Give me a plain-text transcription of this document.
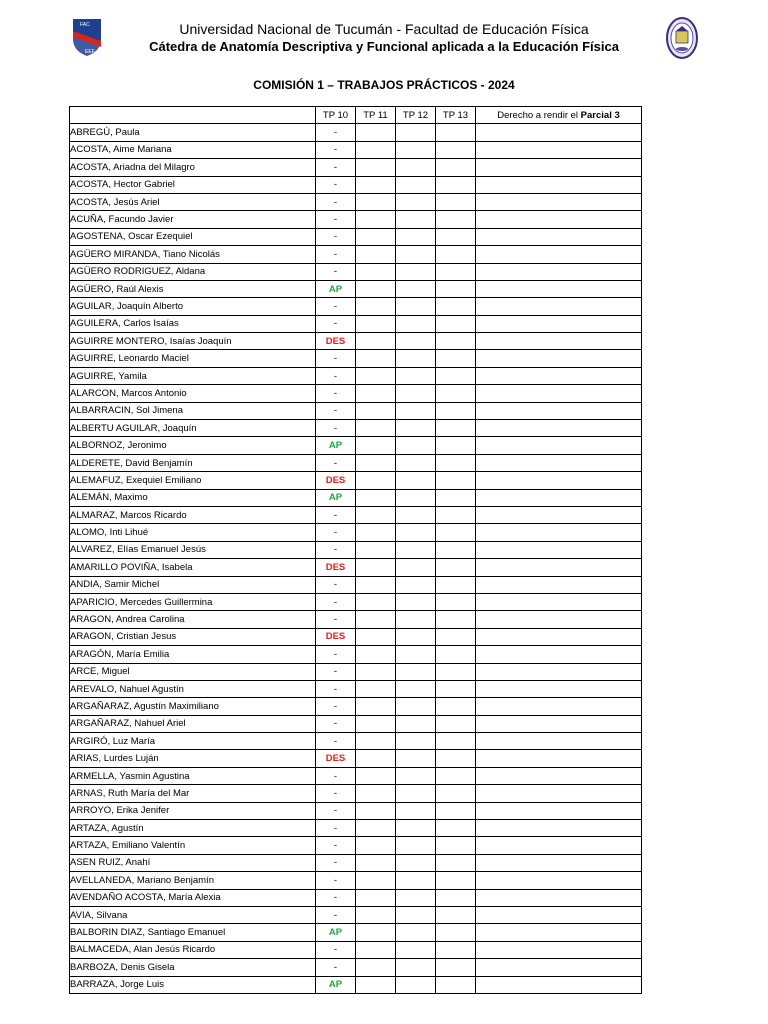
FAC
EEF
Universidad Nacional de Tucumán - Facultad de Educación Física
Cátedra de Anatomía Descriptiva y Funcional aplicada a la Educación Física
COMISIÓN 1 – TRABAJOS PRÁCTICOS - 2024
	TP 10	TP 11	TP 12	TP 13	Derecho a rendir el Parcial 3
ABREGÚ, Paula	-				
ACOSTA, Aime Mariana	-				
ACOSTA, Ariadna del Milagro	-				
ACOSTA, Hector Gabriel	-				
ACOSTA, Jesús Ariel	-				
ACUÑA, Facundo Javier	-				
AGOSTENA, Oscar Ezequiel	-				
AGÜERO MIRANDA, Tiano Nicolás	-				
AGÜERO RODRIGUEZ, Aldana	-				
AGÜERO, Raúl Alexis	AP				
AGUILAR, Joaquín Alberto	-				
AGUILERA, Carlos Isaías	-				
AGUIRRE MONTERO, Isaías Joaquín	DES				
AGUIRRE, Leonardo Maciel	-				
AGUIRRE, Yamila	-				
ALARCON, Marcos Antonio	-				
ALBARRACIN, Sol Jimena	-				
ALBERTU AGUILAR, Joaquín	-				
ALBORNOZ, Jeronimo	AP				
ALDERETE, David Benjamín	-				
ALEMAFUZ, Exequiel Emiliano	DES				
ALEMÁN, Maximo	AP				
ALMARAZ, Marcos Ricardo	-				
ALOMO, Inti Lihué	-				
ALVAREZ, Elías Emanuel Jesús	-				
AMARILLO POVIÑA, Isabela	DES				
ANDIA, Samir Michel	-				
APARICIO, Mercedes Guillermina	-				
ARAGON, Andrea Carolina	-				
ARAGON, Cristian Jesus	DES				
ARAGÓN, María Emilia	-				
ARCE, Miguel	-				
AREVALO, Nahuel Agustín	-				
ARGAÑARAZ, Agustín Maximiliano	-				
ARGAÑARAZ, Nahuel Ariel	-				
ARGIRÓ, Luz María	-				
ARIAS, Lurdes Luján	DES				
ARMELLA, Yasmin Agustina	-				
ARNAS, Ruth María del Mar	-				
ARROYO, Erika Jenifer	-				
ARTAZA, Agustín	-				
ARTAZA, Emiliano Valentín	-				
ASEN RUIZ, Anahí	-				
AVELLANEDA, Mariano Benjamín	-				
AVENDAÑO ACOSTA, María Alexia	-				
AVIA, Silvana	-				
BALBORIN DIAZ, Santiago Emanuel	AP				
BALMACEDA, Alan Jesús Ricardo	-				
BARBOZA, Denis Gisela	-				
BARRAZA, Jorge Luis	AP				
